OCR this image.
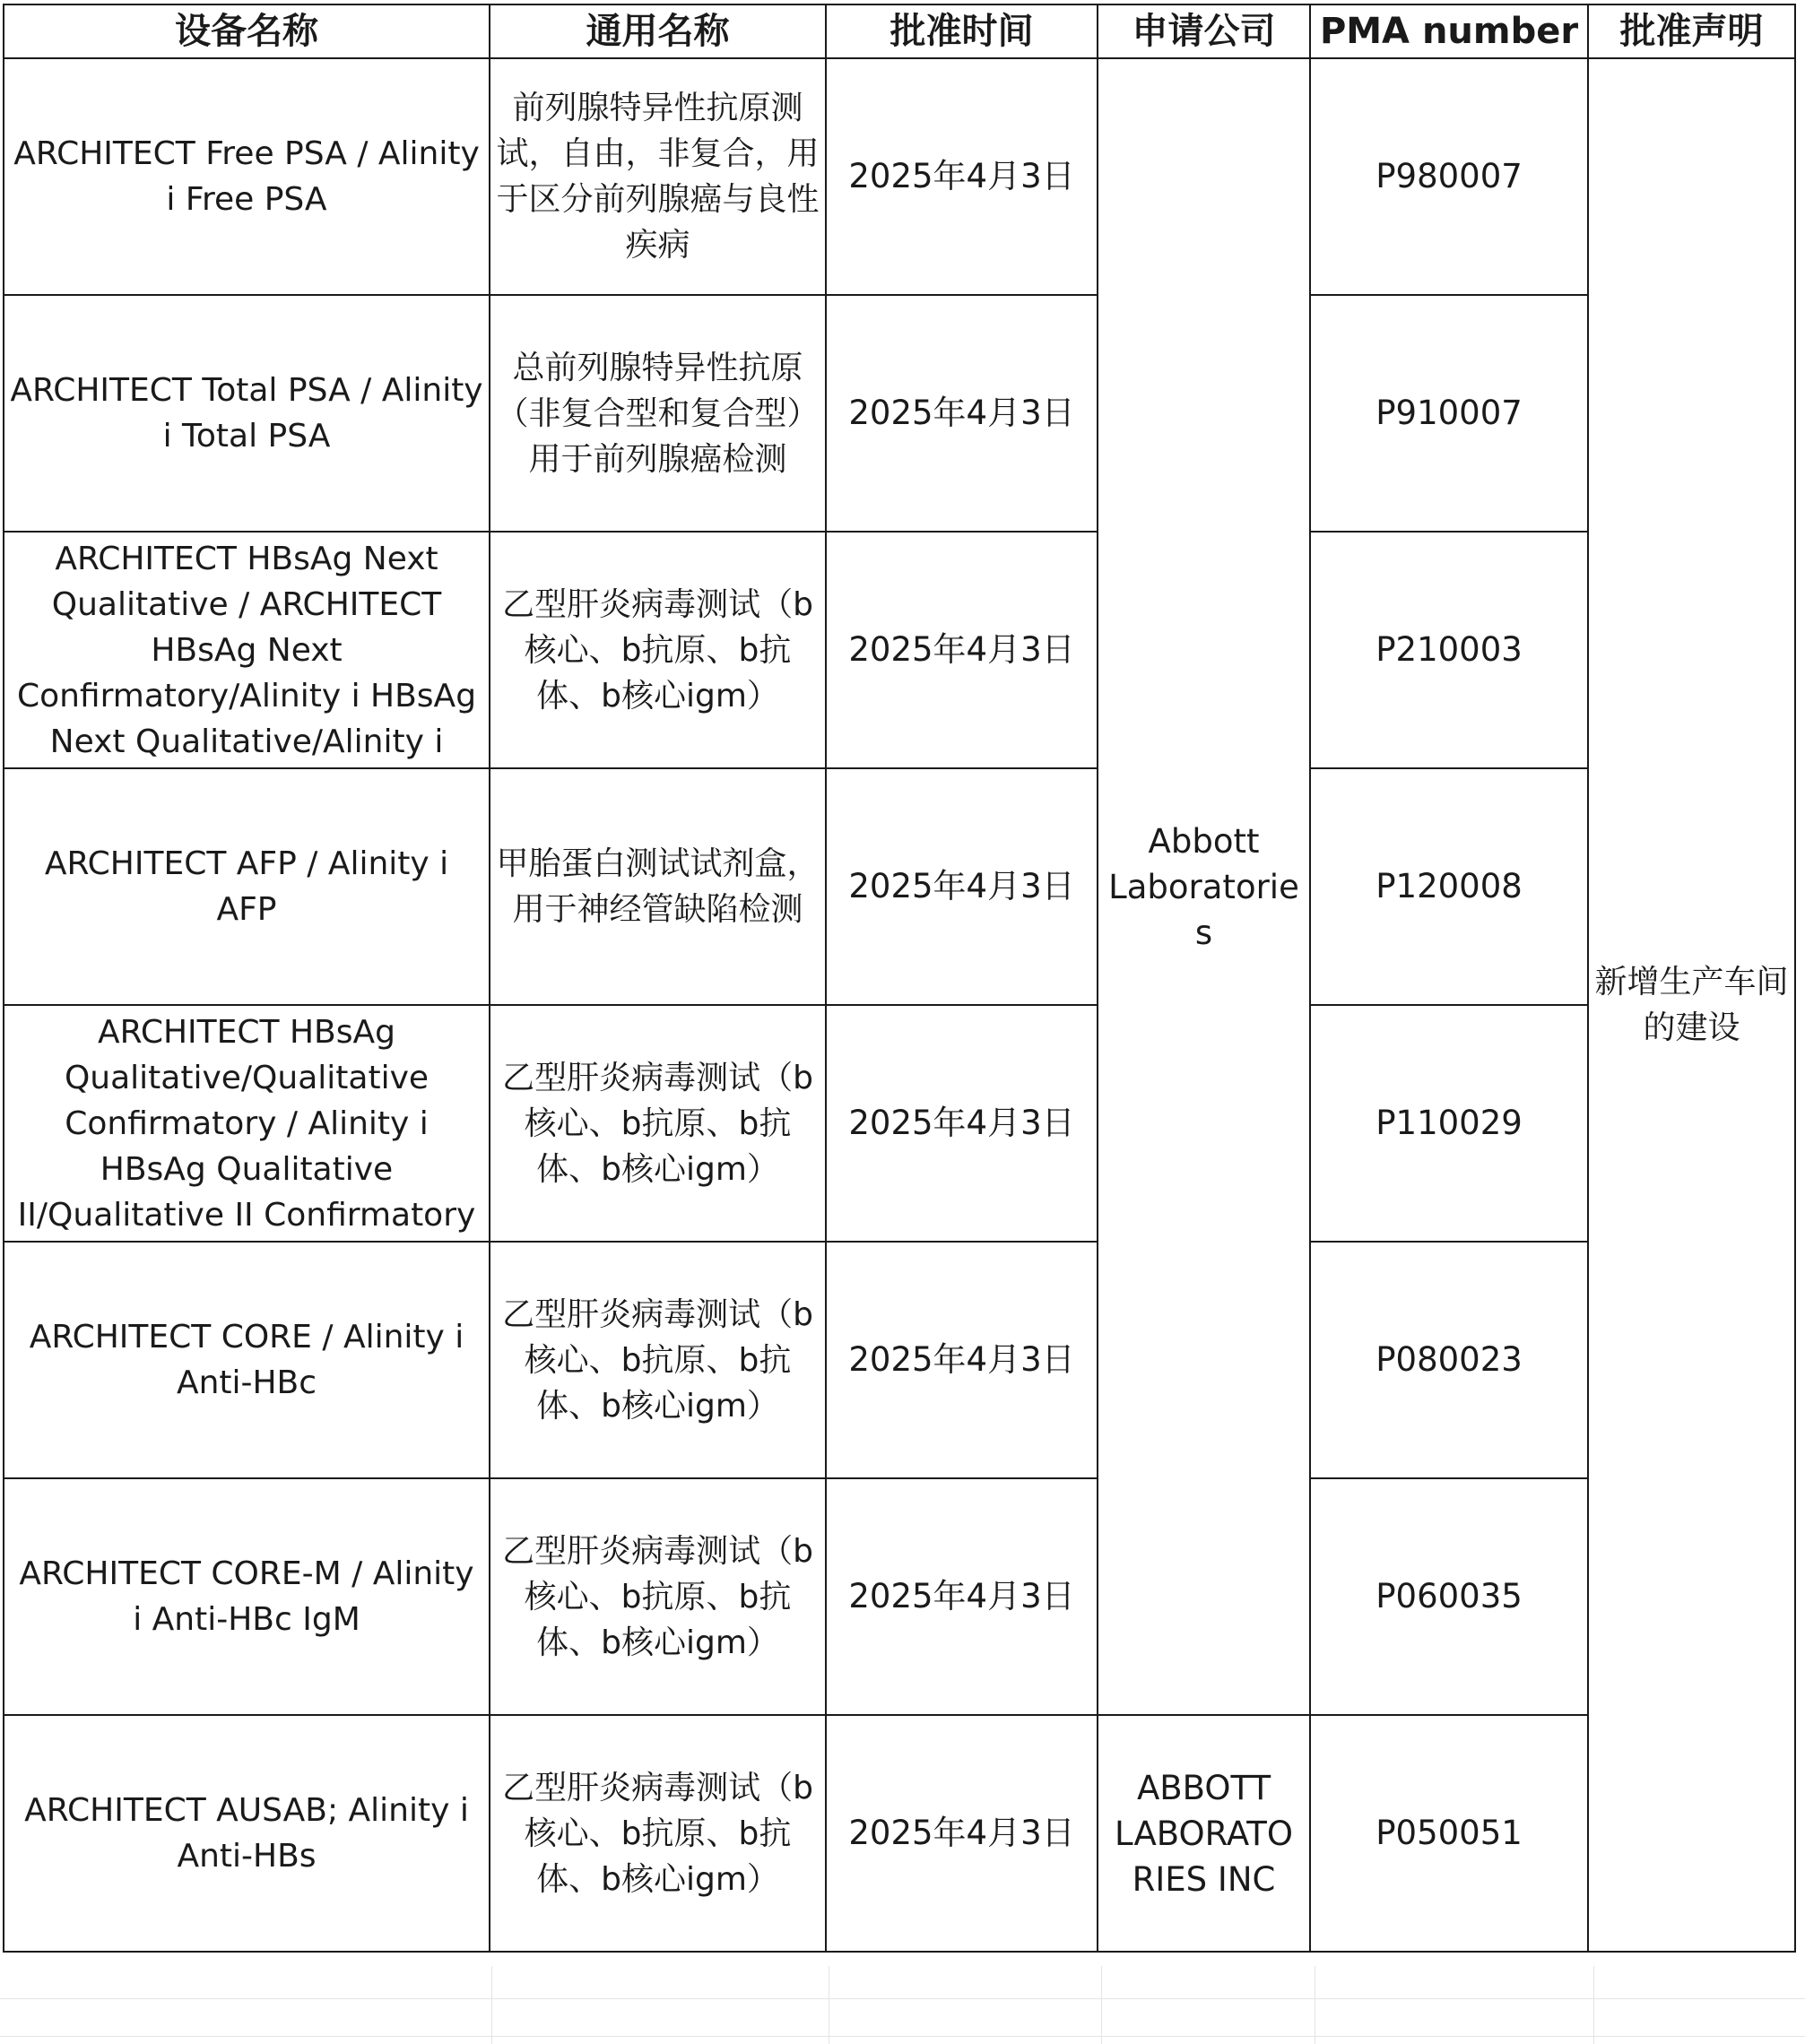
设备名称	通用名称	批准时间	申请公司	PMA number	批准声明
ARCHITECT Free PSA / Alinity i Free PSA	前列腺特异性抗原测试，自由，非复合，用于区分前列腺癌与良性疾病	2025年4月3日	Abbott Laboratories	P980007	新增生产车间的建设
ARCHITECT Total PSA / Alinity i Total PSA	总前列腺特异性抗原（非复合型和复合型）用于前列腺癌检测	2025年4月3日		P910007	
ARCHITECT HBsAg Next Qualitative / ARCHITECT HBsAg Next Confirmatory/Alinity i HBsAg Next Qualitative/Alinity i	乙型肝炎病毒测试（b核心、b抗原、b抗体、b核心igm）	2025年4月3日		P210003	
ARCHITECT AFP / Alinity i AFP	甲胎蛋白测试试剂盒，用于神经管缺陷检测	2025年4月3日		P120008	
ARCHITECT HBsAg Qualitative/Qualitative Confirmatory / Alinity i HBsAg Qualitative II/Qualitative II Confirmatory	乙型肝炎病毒测试（b核心、b抗原、b抗体、b核心igm）	2025年4月3日		P110029	
ARCHITECT CORE / Alinity i Anti-HBc	乙型肝炎病毒测试（b核心、b抗原、b抗体、b核心igm）	2025年4月3日		P080023	
ARCHITECT CORE-M / Alinity i Anti-HBc IgM	乙型肝炎病毒测试（b核心、b抗原、b抗体、b核心igm）	2025年4月3日		P060035	
ARCHITECT AUSAB; Alinity i Anti-HBs	乙型肝炎病毒测试（b核心、b抗原、b抗体、b核心igm）	2025年4月3日	ABBOTT LABORATORIES INC	P050051	
